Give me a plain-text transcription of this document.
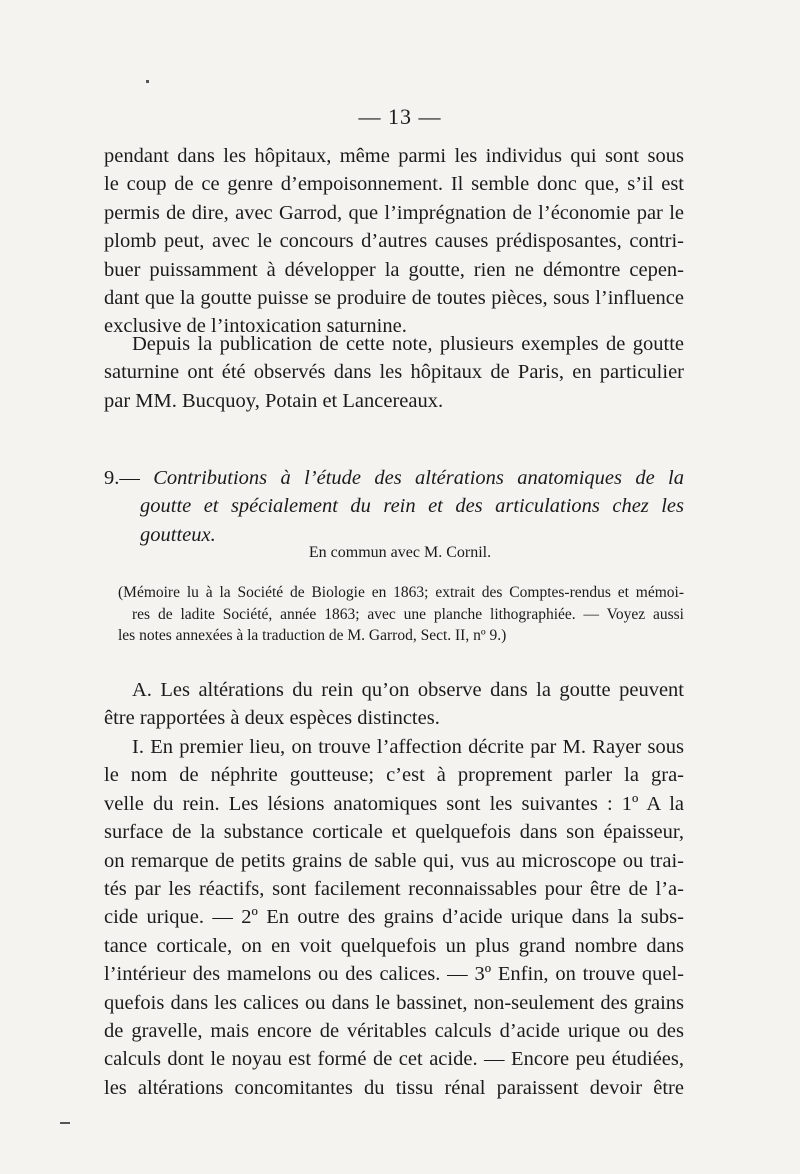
— 13 —
pendant dans les hôpitaux, même parmi les individus qui sont sous
le coup de ce genre d’empoisonnement. Il semble donc que, s’il est
permis de dire, avec Garrod, que l’imprégnation de l’économie par le
plomb peut, avec le concours d’autres causes prédisposantes, contri-
buer puissamment à développer la goutte, rien ne démontre cepen-
dant que la goutte puisse se produire de toutes pièces, sous l’influence
exclusive de l’intoxication saturnine.
Depuis la publication de cette note, plusieurs exemples de goutte
saturnine ont été observés dans les hôpitaux de Paris, en particulier
par MM. Bucquoy, Potain et Lancereaux.
9.— Contributions à l’étude des altérations anatomiques de la
goutte et spécialement du rein et des articulations chez les
goutteux.
En commun avec M. Cornil.
(Mémoire lu à la Société de Biologie en 1863; extrait des Comptes-rendus et mémoi-
res de ladite Société, année 1863; avec une planche lithographiée. — Voyez aussi
les notes annexées à la traduction de M. Garrod, Sect. II, nº 9.)
A. Les altérations du rein qu’on observe dans la goutte peuvent
être rapportées à deux espèces distinctes.
I. En premier lieu, on trouve l’affection décrite par M. Rayer sous
le nom de néphrite goutteuse; c’est à proprement parler la gra-
velle du rein. Les lésions anatomiques sont les suivantes : 1º A la
surface de la substance corticale et quelquefois dans son épaisseur,
on remarque de petits grains de sable qui, vus au microscope ou trai-
tés par les réactifs, sont facilement reconnaissables pour être de l’a-
cide urique. — 2º En outre des grains d’acide urique dans la subs-
tance corticale, on en voit quelquefois un plus grand nombre dans
l’intérieur des mamelons ou des calices. — 3º Enfin, on trouve quel-
quefois dans les calices ou dans le bassinet, non-seulement des grains
de gravelle, mais encore de véritables calculs d’acide urique ou des
calculs dont le noyau est formé de cet acide. — Encore peu étudiées,
les altérations concomitantes du tissu rénal paraissent devoir être
